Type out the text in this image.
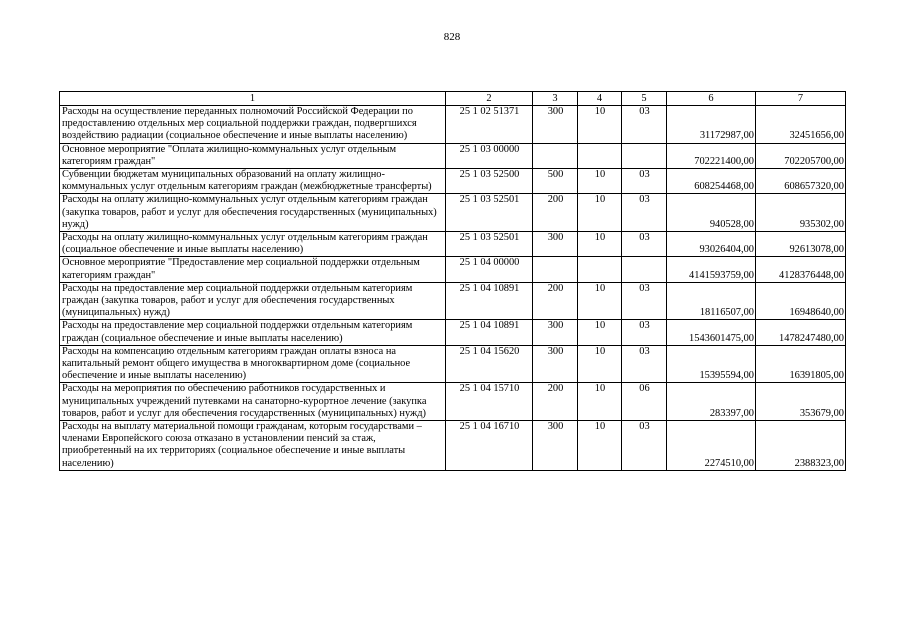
828
1	2	3	4	5	6	7
Расходы на осуществление переданных полномочий Российской Федерации по предоставлению отдельных мер социальной поддержки граждан, подвергшихся воздействию радиации (социальное обеспечение и иные выплаты населению)	25 1 02 51371	300	10	03	31172987,00	32451656,00
Основное мероприятие "Оплата жилищно-коммунальных услуг отдельным категориям граждан"	25 1 03 00000				702221400,00	702205700,00
Субвенции бюджетам муниципальных образований на оплату жилищно-коммунальных услуг отдельным категориям граждан (межбюджетные трансферты)	25 1 03 52500	500	10	03	608254468,00	608657320,00
Расходы на оплату жилищно-коммунальных услуг отдельным категориям граждан (закупка товаров, работ и услуг для обеспечения государственных (муниципальных) нужд)	25 1 03 52501	200	10	03	940528,00	935302,00
Расходы на оплату жилищно-коммунальных услуг отдельным категориям граждан (социальное обеспечение и иные выплаты населению)	25 1 03 52501	300	10	03	93026404,00	92613078,00
Основное мероприятие "Предоставление мер социальной поддержки отдельным категориям граждан"	25 1 04 00000				4141593759,00	4128376448,00
Расходы на предоставление мер социальной поддержки отдельным категориям граждан (закупка товаров, работ и услуг для обеспечения государственных (муниципальных) нужд)	25 1 04 10891	200	10	03	18116507,00	16948640,00
Расходы на предоставление мер социальной поддержки отдельным категориям граждан (социальное обеспечение и иные выплаты населению)	25 1 04 10891	300	10	03	1543601475,00	1478247480,00
Расходы на компенсацию отдельным категориям граждан оплаты взноса на капитальный ремонт общего имущества в многоквартирном доме (социальное обеспечение и иные выплаты населению)	25 1 04 15620	300	10	03	15395594,00	16391805,00
Расходы на мероприятия по обеспечению работников государственных и муниципальных учреждений путевками на санаторно-курортное лечение (закупка товаров, работ и услуг для обеспечения государственных (муниципальных) нужд)	25 1 04 15710	200	10	06	283397,00	353679,00
Расходы на выплату материальной помощи гражданам, которым государствами – членами Европейского союза отказано в установлении пенсий за стаж, приобретенный на их территориях (социальное обеспечение и иные выплаты населению)	25 1 04 16710	300	10	03	2274510,00	2388323,00
